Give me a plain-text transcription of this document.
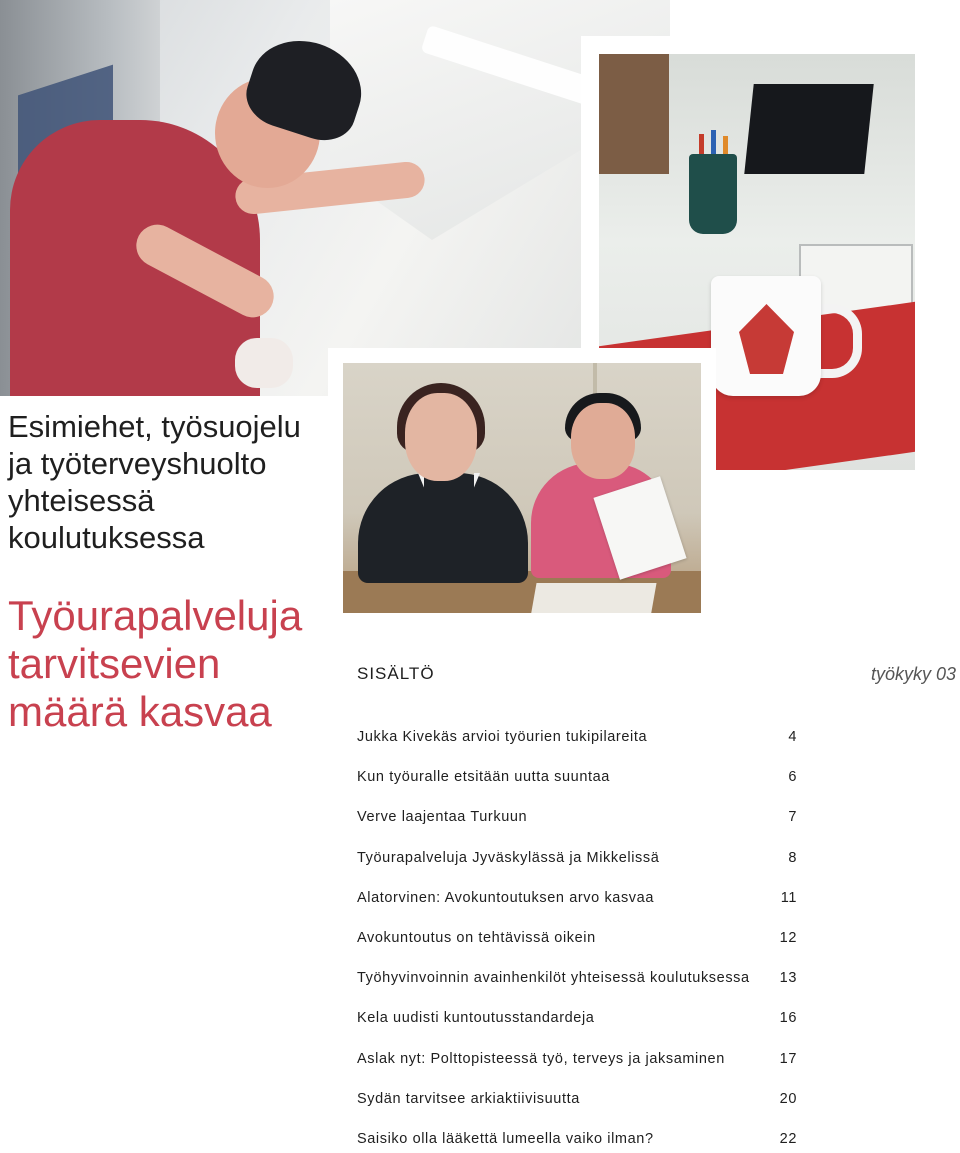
Esimiehet, työsuojelu ja työterveyshuolto yhteisessä koulutuksessa
Työurapalveluja tarvitsevien määrä kasvaa
SISÄLTÖ	työkyky 03
Jukka Kivekäs arvioi työurien tukipilareita	4
Kun työuralle etsitään uutta suuntaa	6
Verve laajentaa Turkuun	7
Työurapalveluja Jyväskylässä ja Mikkelissä	8
Alatorvinen: Avokuntoutuksen arvo kasvaa	11
Avokuntoutus on tehtävissä oikein	12
Työhyvinvoinnin avainhenkilöt yhteisessä koulutuksessa	13
Kela uudisti kuntoutusstandardeja	16
Aslak nyt: Polttopisteessä työ, terveys ja jaksaminen	17
Sydän tarvitsee arkiaktiivisuutta	20
Saisiko olla lääkettä lumeella vaiko ilman?	22
